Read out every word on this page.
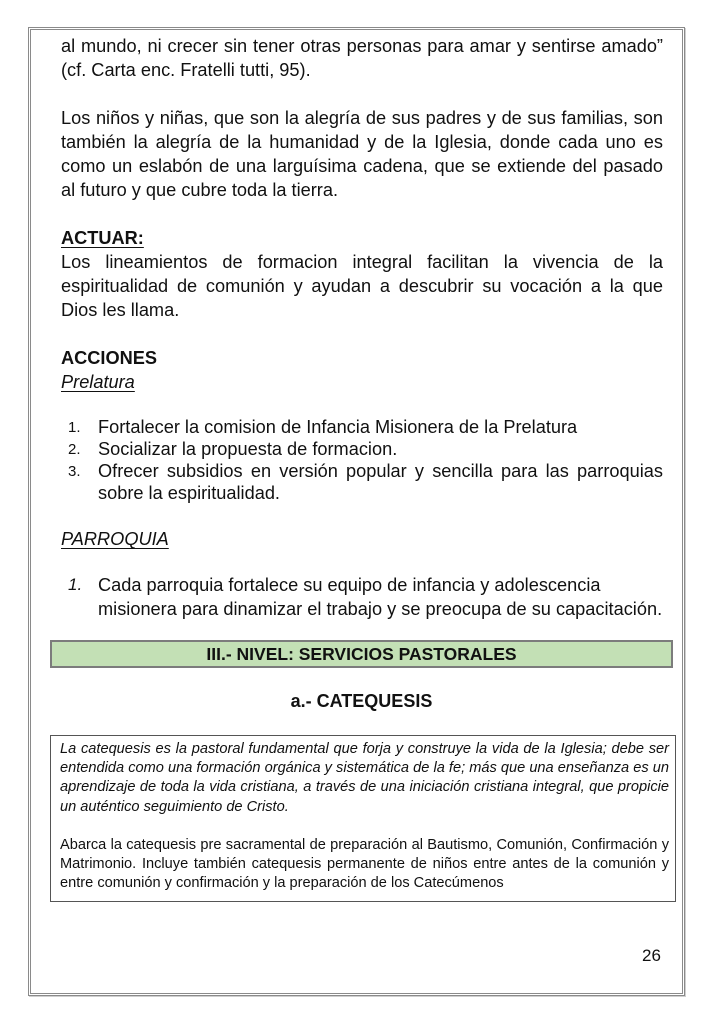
al mundo, ni crecer sin tener otras personas para amar y sentirse amado” (cf. Carta enc. Fratelli tutti, 95).

Los niños y niñas, que son la alegría de sus padres y de sus familias, son también la alegría de la humanidad y de la Iglesia, donde cada uno es como un eslabón de una larguísima cadena, que se extiende del pasado al futuro y que cubre toda la tierra.

ACTUAR:

Los lineamientos de formacion integral facilitan la vivencia de la espiritualidad de comunión y ayudan a descubrir su vocación a la que Dios les llama.

ACCIONES

Prelatura

1. Fortalecer la comision de Infancia Misionera de la Prelatura
2. Socializar la propuesta de formacion.
3. Ofrecer subsidios en versión popular y sencilla para las parroquias sobre la espiritualidad.

PARROQUIA

1. Cada parroquia fortalece su equipo de infancia y adolescencia misionera para dinamizar el trabajo y se preocupa de su capacitación.
III.- NIVEL: SERVICIOS PASTORALES
a.- CATEQUESIS

La catequesis es la pastoral fundamental que forja y construye la vida de la Iglesia; debe ser entendida como una formación orgánica y sistemática de la fe; más que una enseñanza es un aprendizaje de toda la vida cristiana, a través de una iniciación cristiana integral, que propicie un auténtico seguimiento de Cristo.

Abarca la catequesis pre sacramental de preparación al Bautismo, Comunión, Confirmación y Matrimonio. Incluye también catequesis permanente de niños entre antes de la comunión y entre comunión y confirmación y la preparación de los Catecúmenos

26
